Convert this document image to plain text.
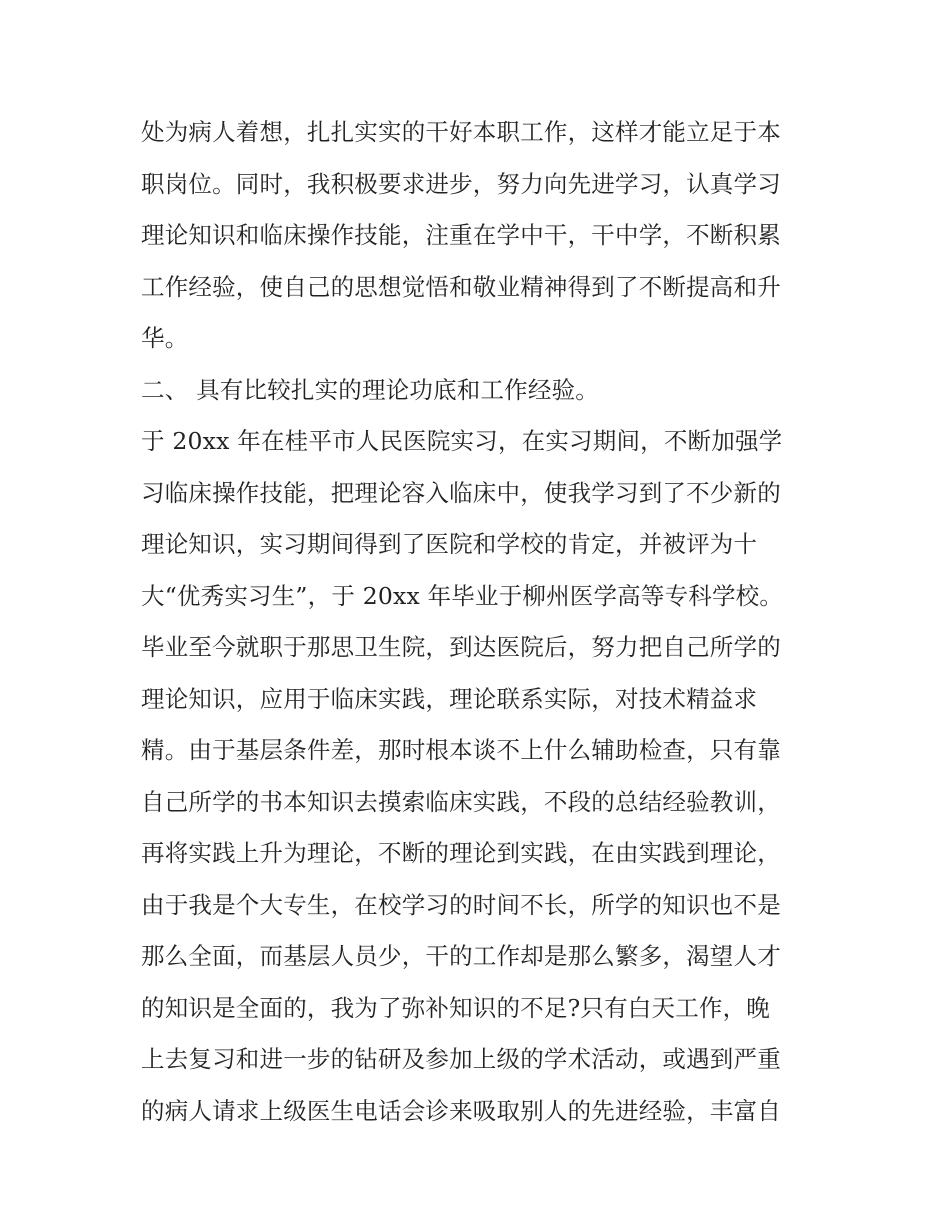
处为病人着想，扎扎实实的干好本职工作，这样才能立足于本
职岗位。同时，我积极要求进步，努力向先进学习，认真学习
理论知识和临床操作技能，注重在学中干，干中学，不断积累
工作经验，使自己的思想觉悟和敬业精神得到了不断提高和升
华。
二、 具有比较扎实的理论功底和工作经验。
于 20xx 年在桂平市人民医院实习，在实习期间，不断加强学
习临床操作技能，把理论容入临床中，使我学习到了不少新的
理论知识，实习期间得到了医院和学校的肯定，并被评为十
大“优秀实习生”，于 20xx 年毕业于柳州医学高等专科学校。
毕业至今就职于那思卫生院，到达医院后，努力把自己所学的
理论知识，应用于临床实践，理论联系实际，对技术精益求
精。由于基层条件差，那时根本谈不上什么辅助检查，只有靠
自己所学的书本知识去摸索临床实践，不段的总结经验教训，
再将实践上升为理论，不断的理论到实践，在由实践到理论，
由于我是个大专生，在校学习的时间不长，所学的知识也不是
那么全面，而基层人员少，干的工作却是那么繁多，渴望人才
的知识是全面的，我为了弥补知识的不足?只有白天工作，晚
上去复习和进一步的钻研及参加上级的学术活动，或遇到严重
的病人请求上级医生电话会诊来吸取别人的先进经验，丰富自
